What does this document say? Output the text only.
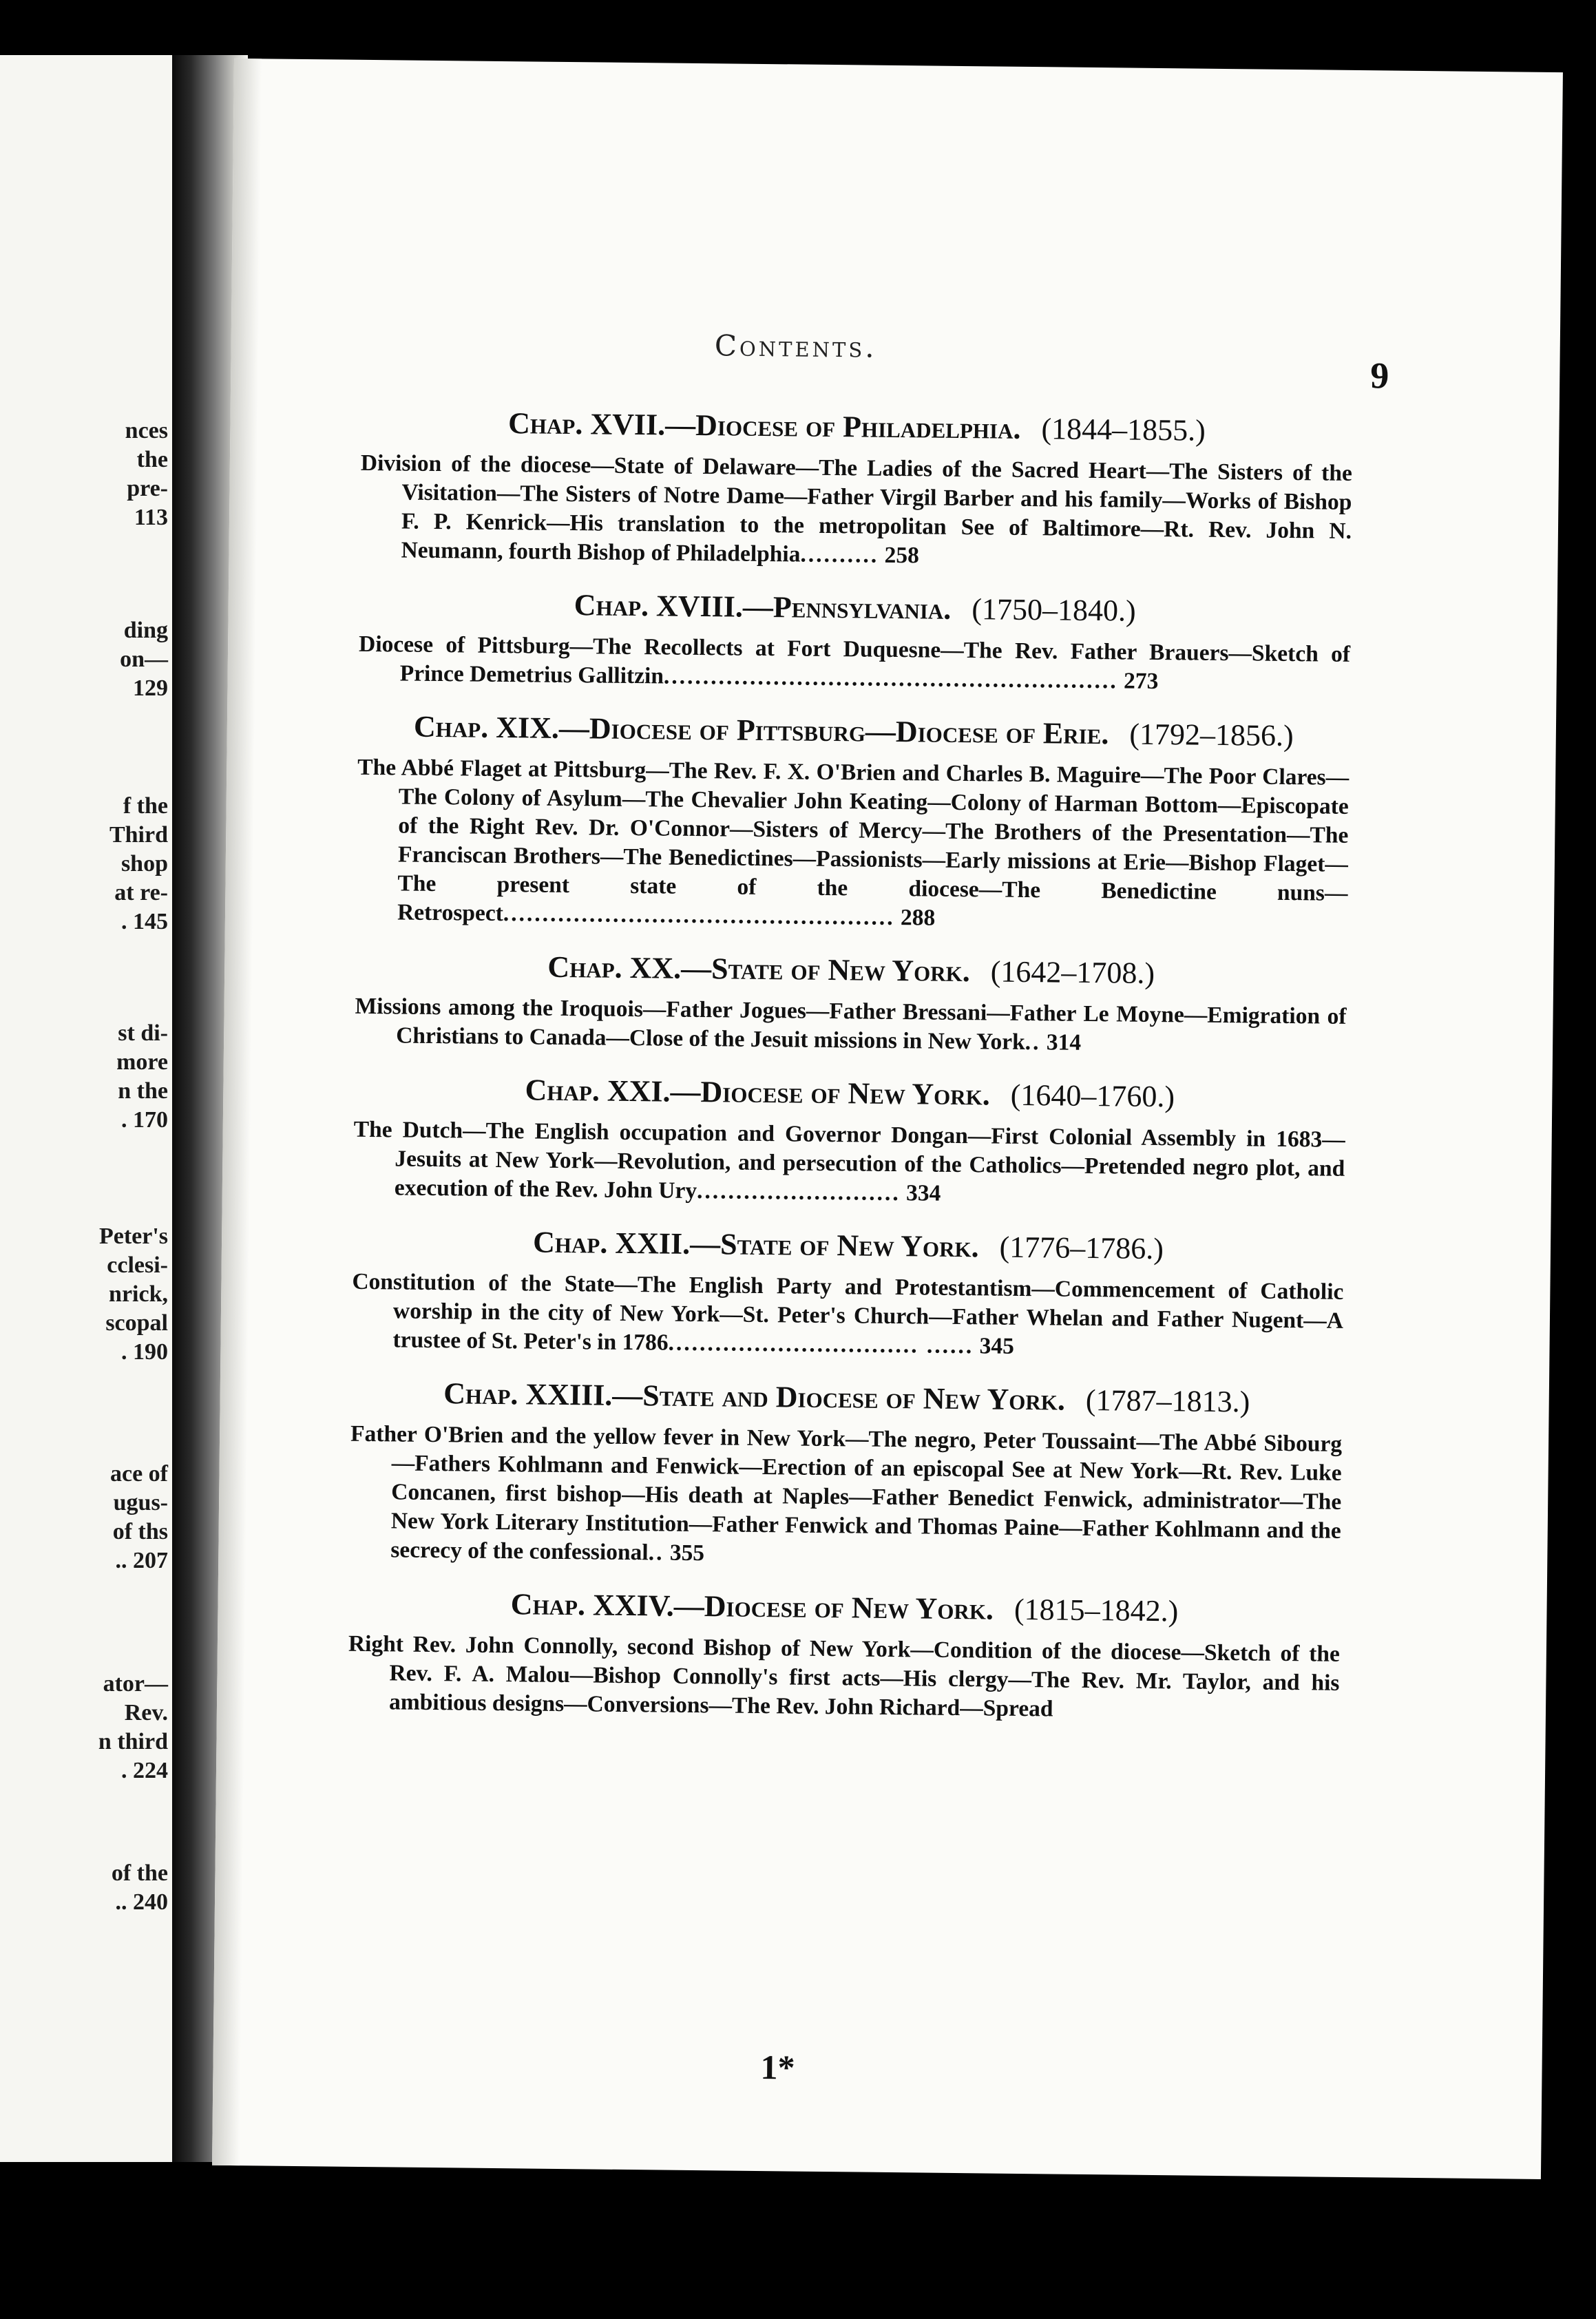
nces
the
pre-
113
ding
on—
129
f the
Third
shop
at re-
. 145
st di-
more
n the
. 170
Peter's
cclesi-
nrick,
scopal
. 190
ace of
ugus-
of ths
.. 207
ator—
Rev.
n third
. 224
of the
.. 240
Contents.
9
Chap. XVII.—Diocese of Philadelphia. (1844–1855.)
Division of the diocese—State of Delaware—The Ladies of the Sacred Heart—The Sisters of the Visitation—The Sisters of Notre Dame—Father Virgil Barber and his family—Works of Bishop F. P. Kenrick—His translation to the metropolitan See of Baltimore—Rt. Rev. John N. Neumann, fourth Bishop of Philadelphia.......... 258
Chap. XVIII.—Pennsylvania. (1750–1840.)
Diocese of Pittsburg—The Recollects at Fort Duquesne—The Rev. Father Brauers—Sketch of Prince Demetrius Gallitzin.......................................................... 273
Chap. XIX.—Diocese of Pittsburg—Diocese of Erie. (1792–1856.)
The Abbé Flaget at Pittsburg—The Rev. F. X. O'Brien and Charles B. Maguire—The Poor Clares—The Colony of Asylum—The Chevalier John Keating—Colony of Harman Bottom—Episcopate of the Right Rev. Dr. O'Connor—Sisters of Mercy—The Brothers of the Presentation—The Franciscan Brothers—The Benedictines—Passionists—Early missions at Erie—Bishop Flaget—The present state of the diocese—The Benedictine nuns—Retrospect.................................................. 288
Chap. XX.—State of New York. (1642–1708.)
Missions among the Iroquois—Father Jogues—Father Bressani—Father Le Moyne—Emigration of Christians to Canada—Close of the Jesuit missions in New York.. 314
Chap. XXI.—Diocese of New York. (1640–1760.)
The Dutch—The English occupation and Governor Dongan—First Colonial Assembly in 1683—Jesuits at New York—Revolution, and persecution of the Catholics—Pretended negro plot, and execution of the Rev. John Ury.......................... 334
Chap. XXII.—State of New York. (1776–1786.)
Constitution of the State—The English Party and Protestantism—Commencement of Catholic worship in the city of New York—St. Peter's Church—Father Whelan and Father Nugent—A trustee of St. Peter's in 1786................................ ...... 345
Chap. XXIII.—State and Diocese of New York. (1787–1813.)
Father O'Brien and the yellow fever in New York—The negro, Peter Toussaint—The Abbé Sibourg—Fathers Kohlmann and Fenwick—Erection of an episcopal See at New York—Rt. Rev. Luke Concanen, first bishop—His death at Naples—Father Benedict Fenwick, administrator—The New York Literary Institution—Father Fenwick and Thomas Paine—Father Kohlmann and the secrecy of the confessional.. 355
Chap. XXIV.—Diocese of New York. (1815–1842.)
Right Rev. John Connolly, second Bishop of New York—Condition of the diocese—Sketch of the Rev. F. A. Malou—Bishop Connolly's first acts—His clergy—The Rev. Mr. Taylor, and his ambitious designs—Conversions—The Rev. John Richard—Spread
1*
